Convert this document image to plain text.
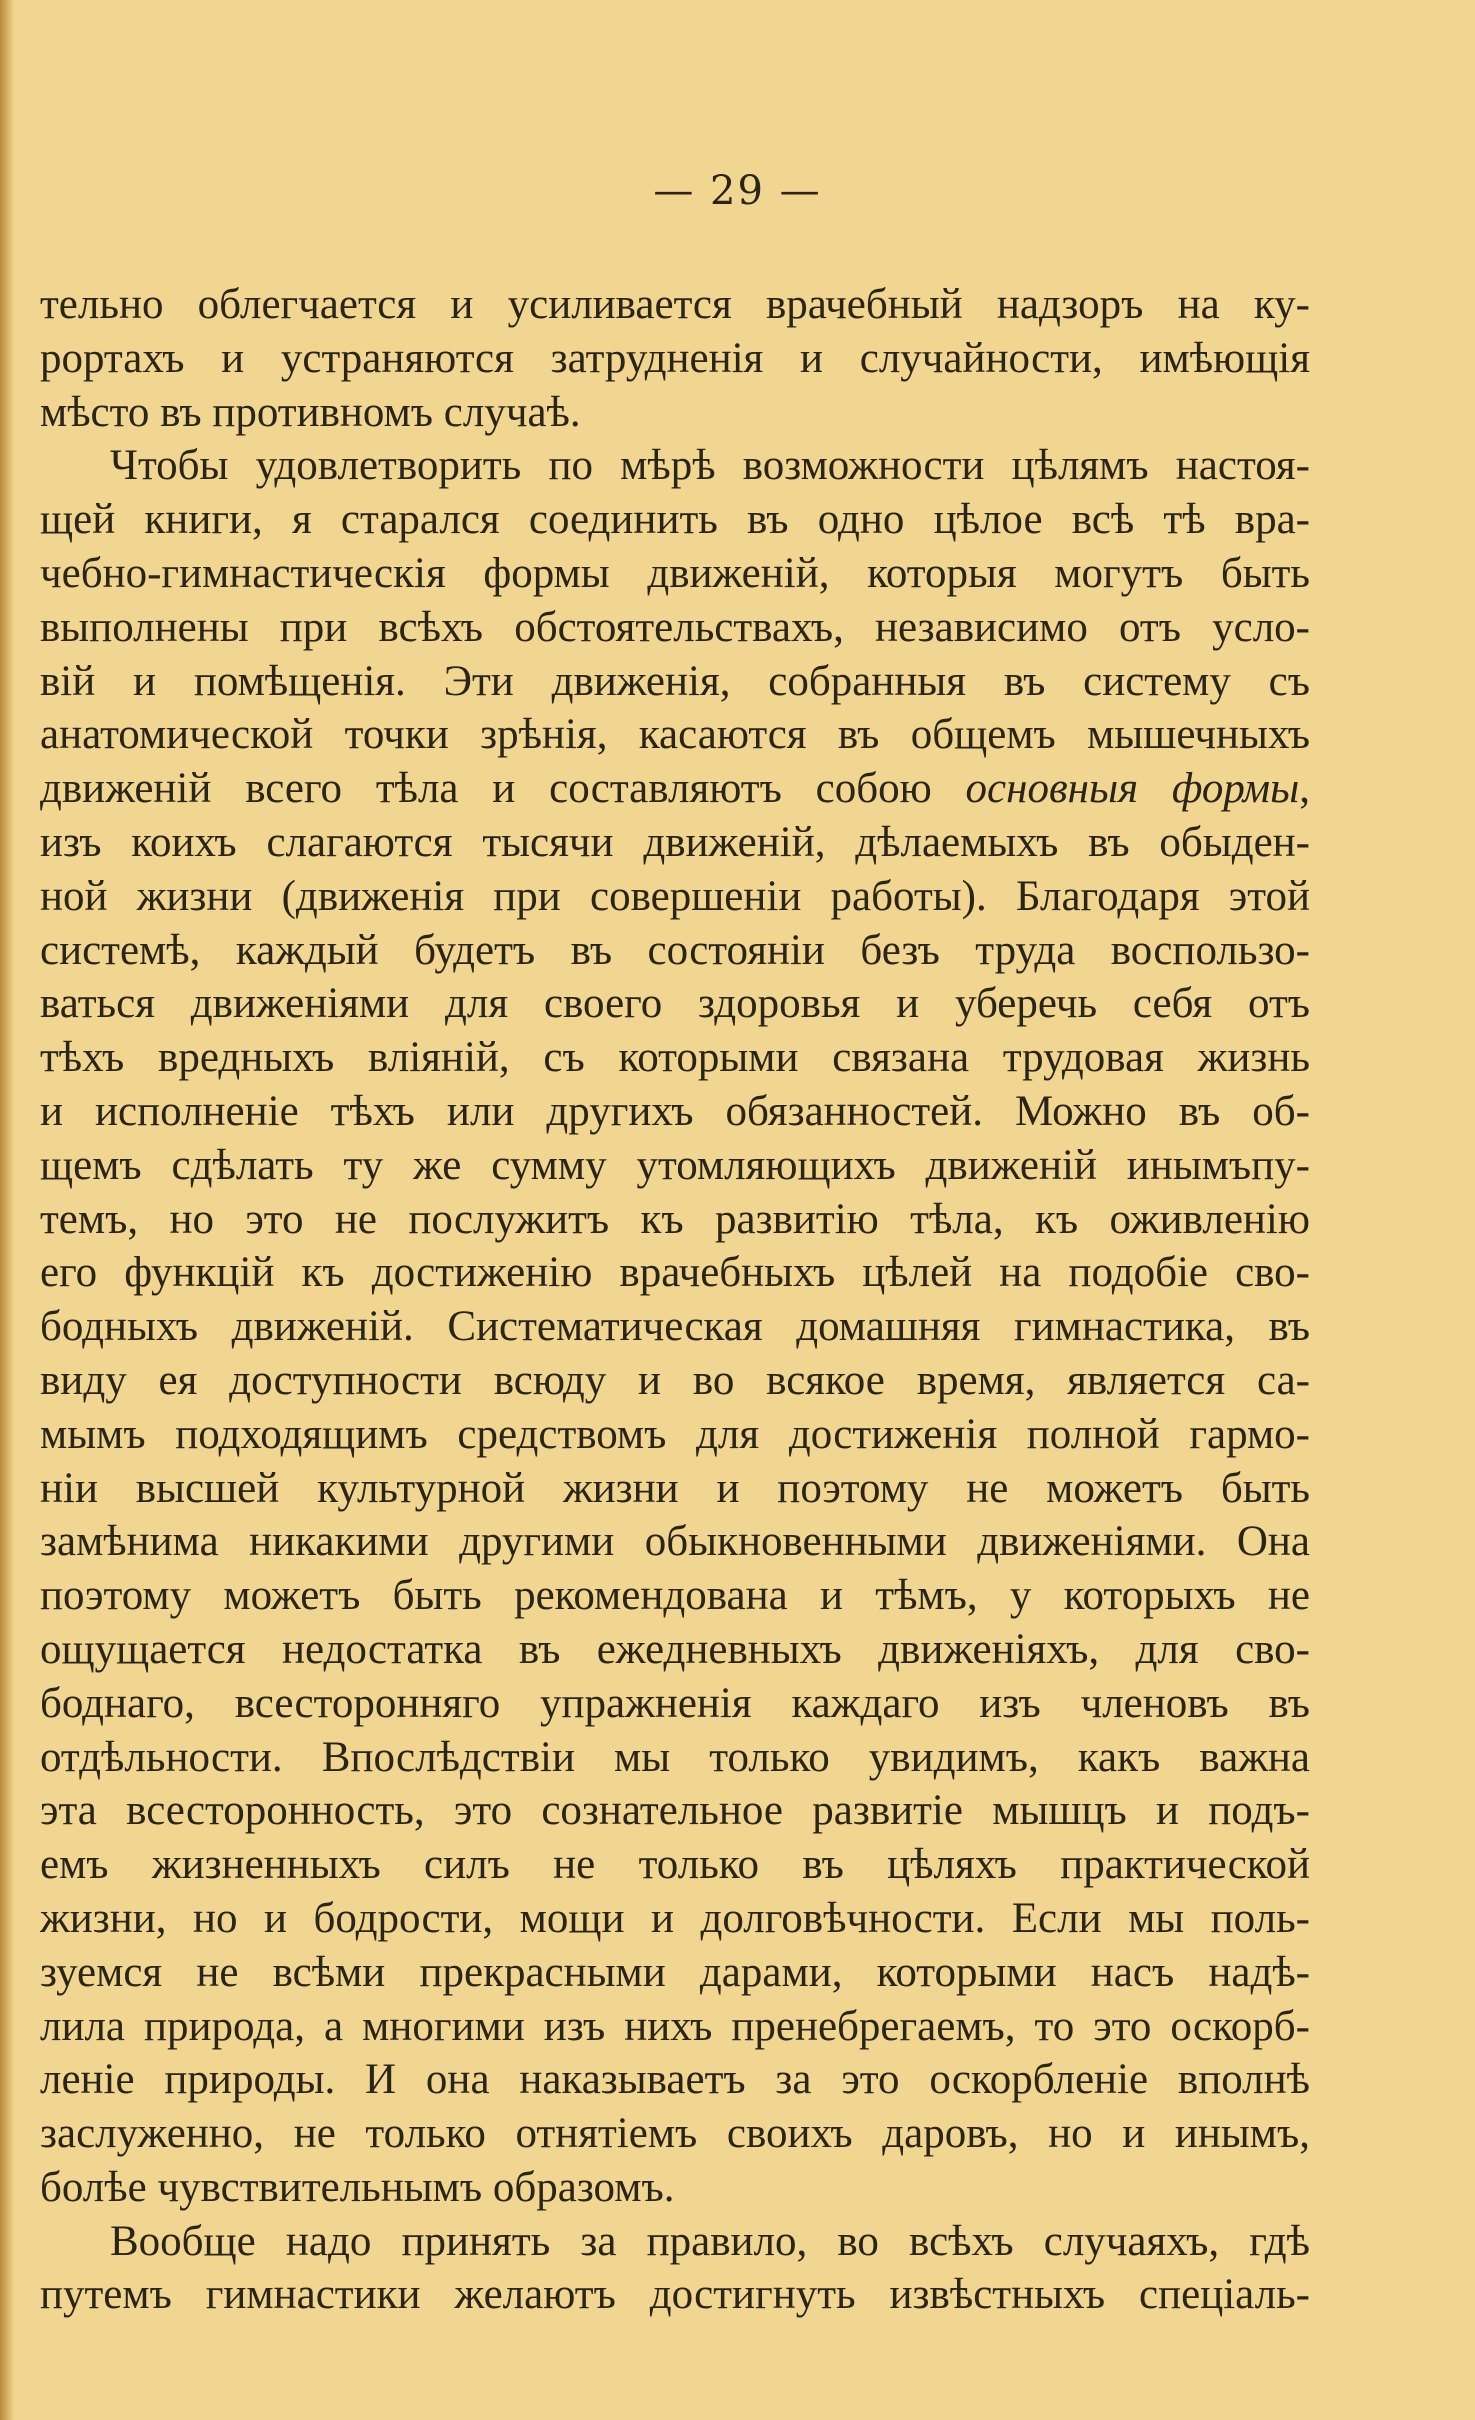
— 29 —
тельно облегчается и усиливается врачебный надзоръ на ку-
рортахъ и устраняются затрудненія и случайности, имѣющія
мѣсто въ противномъ случаѣ.
Чтобы удовлетворить по мѣрѣ возможности цѣлямъ настоя-
щей книги, я старался соединить въ одно цѣлое всѣ тѣ вра-
чебно-гимнастическія формы движеній, которыя могутъ быть
выполнены при всѣхъ обстоятельствахъ, независимо отъ усло-
вій и помѣщенія. Эти движенія, собранныя въ систему съ
анатомической точки зрѣнія, касаются въ общемъ мышечныхъ
движеній всего тѣла и составляютъ собою основныя формы,
изъ коихъ слагаются тысячи движеній, дѣлаемыхъ въ обыден-
ной жизни (движенія при совершеніи работы). Благодаря этой
системѣ, каждый будетъ въ состояніи безъ труда воспользо-
ваться движеніями для своего здоровья и уберечь себя отъ
тѣхъ вредныхъ вліяній, съ которыми связана трудовая жизнь
и исполненіе тѣхъ или другихъ обязанностей. Можно въ об-
щемъ сдѣлать ту же сумму утомляющихъ движеній инымъпу-
темъ, но это не послужитъ къ развитію тѣла, къ оживленію
его функцій къ достиженію врачебныхъ цѣлей на подобіе сво-
бодныхъ движеній. Систематическая домашняя гимнастика, въ
виду ея доступности всюду и во всякое время, является са-
мымъ подходящимъ средствомъ для достиженія полной гармо-
ніи высшей культурной жизни и поэтому не можетъ быть
замѣнима никакими другими обыкновенными движеніями. Она
поэтому можетъ быть рекомендована и тѣмъ, у которыхъ не
ощущается недостатка въ ежедневныхъ движеніяхъ, для сво-
боднаго, всесторонняго упражненія каждаго изъ членовъ въ
отдѣльности. Впослѣдствіи мы только увидимъ, какъ важна
эта всесторонность, это сознательное развитіе мышцъ и подъ-
емъ жизненныхъ силъ не только въ цѣляхъ практической
жизни, но и бодрости, мощи и долговѣчности. Если мы поль-
зуемся не всѣми прекрасными дарами, которыми насъ надѣ-
лила природа, а многими изъ нихъ пренебрегаемъ, то это оскорб-
леніе природы. И она наказываетъ за это оскорбленіе вполнѣ
заслуженно, не только отнятіемъ своихъ даровъ, но и инымъ,
болѣе чувствительнымъ образомъ.
Вообще надо принять за правило, во всѣхъ случаяхъ, гдѣ
путемъ гимнастики желаютъ достигнуть извѣстныхъ спеціаль-
